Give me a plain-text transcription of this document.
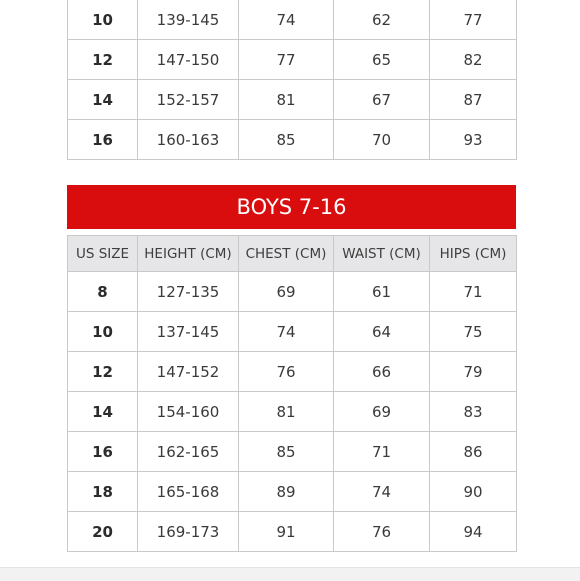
10	139-145	74	62	77
12	147-150	77	65	82
14	152-157	81	67	87
16	160-163	85	70	93
BOYS 7-16
US SIZE	HEIGHT (CM)	CHEST (CM)	WAIST (CM)	HIPS (CM)
8	127-135	69	61	71
10	137-145	74	64	75
12	147-152	76	66	79
14	154-160	81	69	83
16	162-165	85	71	86
18	165-168	89	74	90
20	169-173	91	76	94
